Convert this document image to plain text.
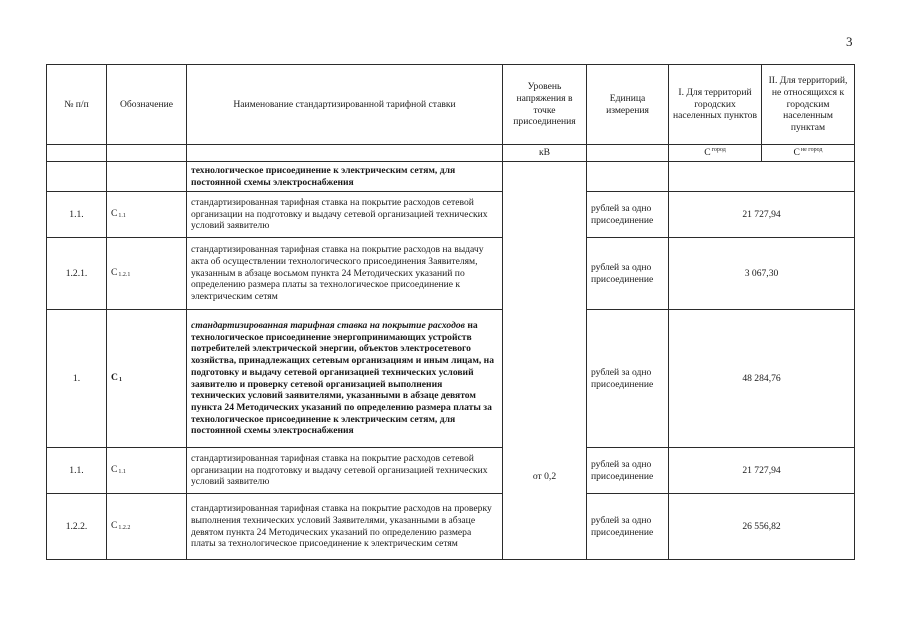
3
№ п/п	Обозначение	Наименование стандартизированной тарифной ставки	Уровень напряжения в точке присоединения	Единица измерения	I. Для территорий городских населенных пунктов	II. Для территорий, не относящихся к городским населенным пунктам
			кВ		$C^{город}$	$C^{не город}$
		технологическое присоединение к электрическим сетям, для постоянной схемы электроснабжения	от 0,2			

1.1.	$C_{1.1}$	стандартизированная тарифная ставка на покрытие расходов сетевой организации на подготовку и выдачу сетевой организацией технических условий заявителю		рублей за одно присоединение	21 727,94	
1.2.1.	$C_{1.2.1}$	стандартизированная тарифная ставка на покрытие расходов на выдачу акта об осуществлении технологического присоединения Заявителям, указанным в абзаце восьмом пункта 24 Методических указаний по определению размера платы за технологическое присоединение к электрическим сетям		рублей за одно присоединение	3 067,30	
1.	$C_1$	стандартизированная тарифная ставка на покрытие расходов на технологическое присоединение энергопринимающих устройств потребителей электрической энергии, объектов электросетевого хозяйства, принадлежащих сетевым организациям и иным лицам, на подготовку и выдачу сетевой организацией технических условий заявителю и проверку сетевой организацией выполнения технических условий заявителями, указанными в абзаце девятом пункта 24 Методических указаний по определению размера платы за технологическое присоединение к электрическим сетям, для постоянной схемы электроснабжения		рублей за одно присоединение	48 284,76	
1.1.	$C_{1.1}$	стандартизированная тарифная ставка на покрытие расходов сетевой организации на подготовку и выдачу сетевой организацией технических условий заявителю		рублей за одно присоединение	21 727,94	
1.2.2.	$C_{1.2.2}$	стандартизированная тарифная ставка на покрытие расходов на проверку выполнения технических условий Заявителями, указанными в абзаце девятом пункта 24 Методических указаний по определению размера платы за технологическое присоединение к электрическим сетям		рублей за одно присоединение	26 556,82	
